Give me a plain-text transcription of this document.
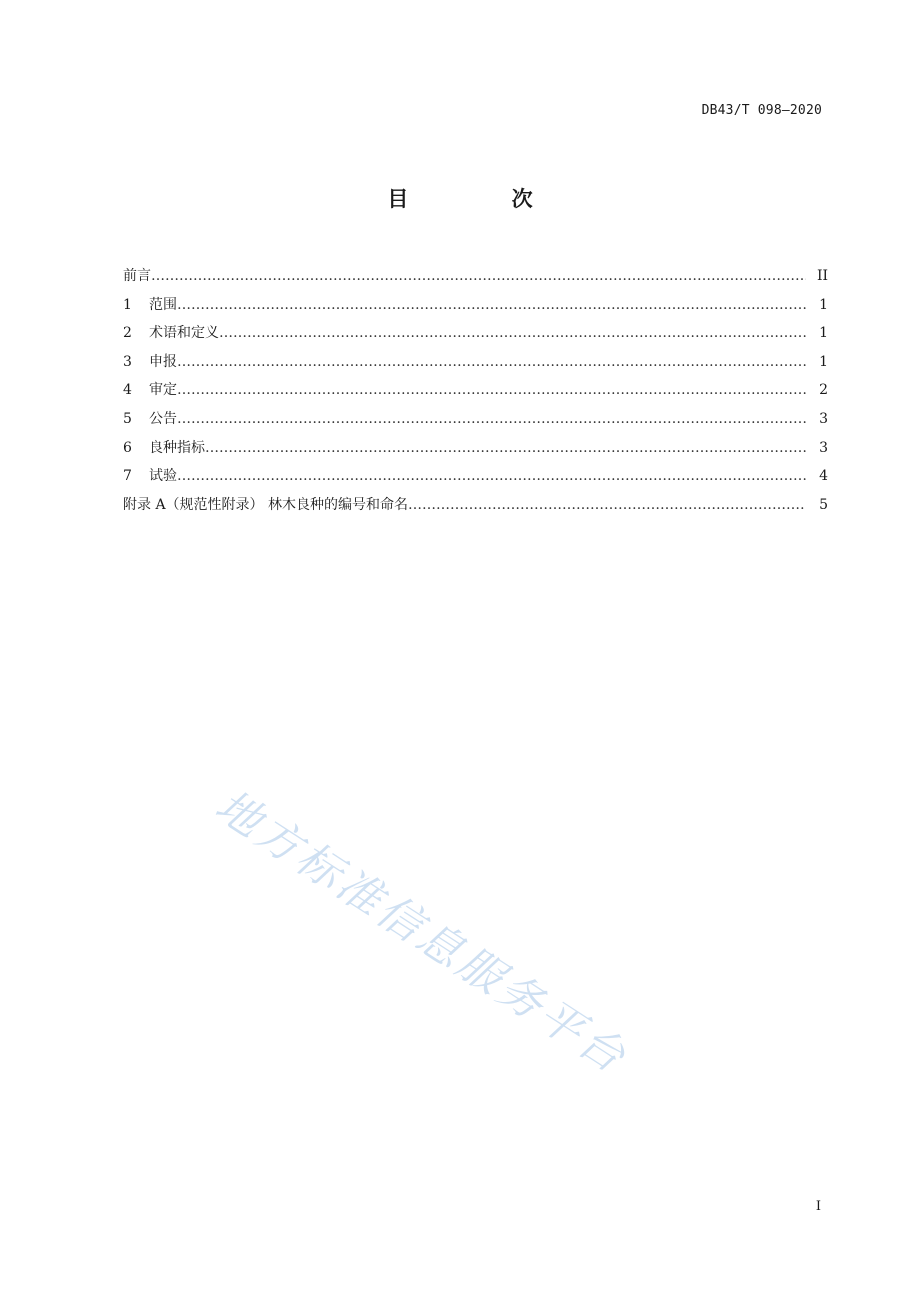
DB43/T 098—2020
目 次
前言 …………………………………………………………………………………………………………………………………………………………………………………………………………………………………	II
1	范围 …………………………………………………………………………………………………………………………………………………………………………………………………………………………………	1
2	术语和定义 …………………………………………………………………………………………………………………………………………………………………………………………………………………………………	1
3	申报 …………………………………………………………………………………………………………………………………………………………………………………………………………………………………	1
4	审定 …………………………………………………………………………………………………………………………………………………………………………………………………………………………………	2
5	公告 …………………………………………………………………………………………………………………………………………………………………………………………………………………………………	3
6	良种指标 …………………………………………………………………………………………………………………………………………………………………………………………………………………………………	3
7	试验 …………………………………………………………………………………………………………………………………………………………………………………………………………………………………	4
附录 A（规范性附录） 林木良种的编号和命名 …………………………………………………………………………………………………………………………………………………………………………………………………………………………………	5
地方标准信息服务平台
I
